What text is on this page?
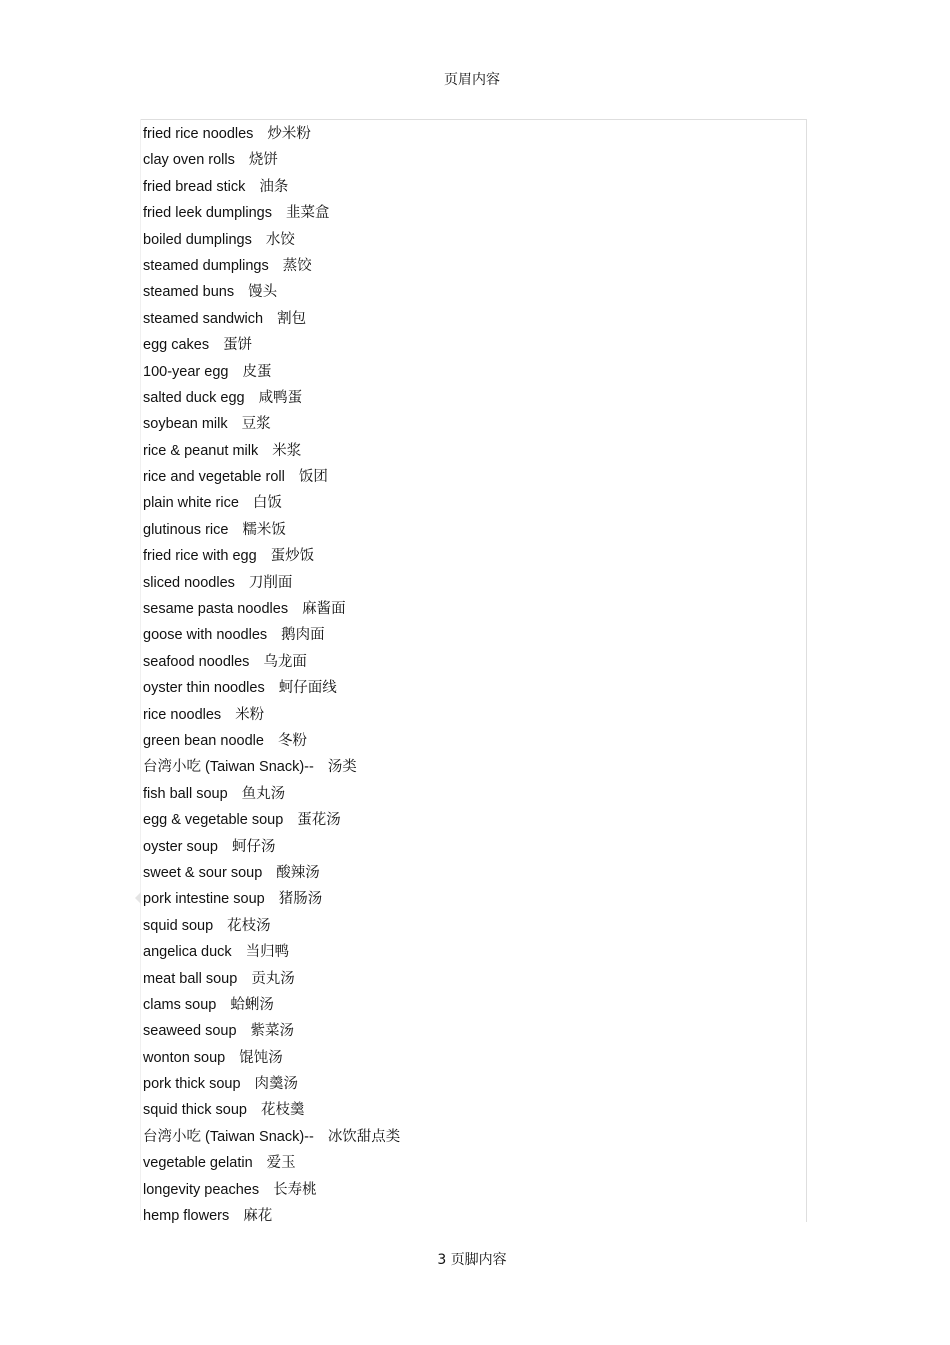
页眉内容
fried rice noodles 炒米粉
clay oven rolls 烧饼
fried bread stick 油条
fried leek dumplings 韭菜盒
boiled dumplings 水饺
steamed dumplings 蒸饺
steamed buns 馒头
steamed sandwich 割包
egg cakes 蛋饼
100-year egg 皮蛋
salted duck egg 咸鸭蛋
soybean milk 豆浆
rice & peanut milk 米浆
rice and vegetable roll 饭团
plain white rice 白饭
glutinous rice 糯米饭
fried rice with egg 蛋炒饭
sliced noodles 刀削面
sesame pasta noodles 麻酱面
goose with noodles 鹅肉面
seafood noodles 乌龙面
oyster thin noodles 蚵仔面线
rice noodles 米粉
green bean noodle 冬粉
台湾小吃 (Taiwan Snack)-- 汤类
fish ball soup 鱼丸汤
egg & vegetable soup 蛋花汤
oyster soup 蚵仔汤
sweet & sour soup 酸辣汤
pork intestine soup 猪肠汤
squid soup 花枝汤
angelica duck 当归鸭
meat ball soup 贡丸汤
clams soup 蛤蜊汤
seaweed soup 紫菜汤
wonton soup 馄饨汤
pork thick soup 肉羹汤
squid thick soup 花枝羹
台湾小吃 (Taiwan Snack)-- 冰饮甜点类
vegetable gelatin 爱玉
longevity peaches 长寿桃
hemp flowers 麻花
3 页脚内容
